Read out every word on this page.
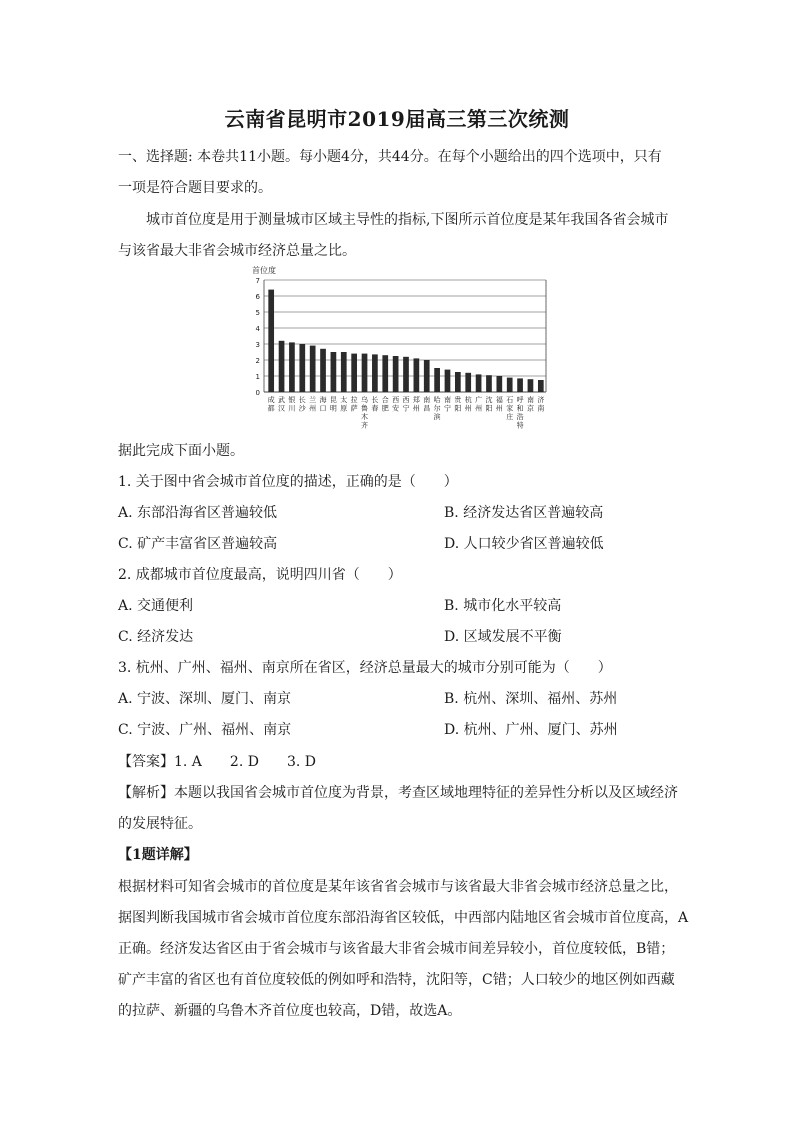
云南省昆明市2019届高三第三次统测
一、选择题: 本卷共11小题。每小题4分，共44分。在每个小题给出的四个选项中，只有
一项是符合题目要求的。
城市首位度是用于测量城市区域主导性的指标,下图所示首位度是某年我国各省会城市
与该省最大非省会城市经济总量之比。
首位度
0
1
2
3
4
5
6
7
成
都
武
汉
银
川
长
沙
兰
州
海
口
昆
明
太
原
拉
萨
乌
鲁
木
齐
长
春
合
肥
西
安
西
宁
郑
州
南
昌
哈
尔
滨
南
宁
贵
阳
杭
州
广
州
沈
阳
福
州
石
家
庄
呼
和
浩
特
南
京
济
南
据此完成下面小题。
1. 关于图中省会城市首位度的描述，正确的是（　　）
A. 东部沿海省区普遍较低	B. 经济发达省区普遍较高
C. 矿产丰富省区普遍较高	D. 人口较少省区普遍较低
2. 成都城市首位度最高，说明四川省（　　）
A. 交通便利	B. 城市化水平较高
C. 经济发达	D. 区域发展不平衡
3. 杭州、广州、福州、南京所在省区，经济总量最大的城市分别可能为（　　）
A. 宁波、深圳、厦门、南京	B. 杭州、深圳、福州、苏州
C. 宁波、广州、福州、南京	D. 杭州、广州、厦门、苏州
【答案】1. A　　2. D　　3. D
【解析】本题以我国省会城市首位度为背景，考查区域地理特征的差异性分析以及区域经济
的发展特征。
【1题详解】
根据材料可知省会城市的首位度是某年该省省会城市与该省最大非省会城市经济总量之比，
据图判断我国城市省会城市首位度东部沿海省区较低，中西部内陆地区省会城市首位度高，A
正确。经济发达省区由于省会城市与该省最大非省会城市间差异较小，首位度较低，B错；
矿产丰富的省区也有首位度较低的例如呼和浩特，沈阳等，C错；人口较少的地区例如西藏
的拉萨、新疆的乌鲁木齐首位度也较高，D错，故选A。
